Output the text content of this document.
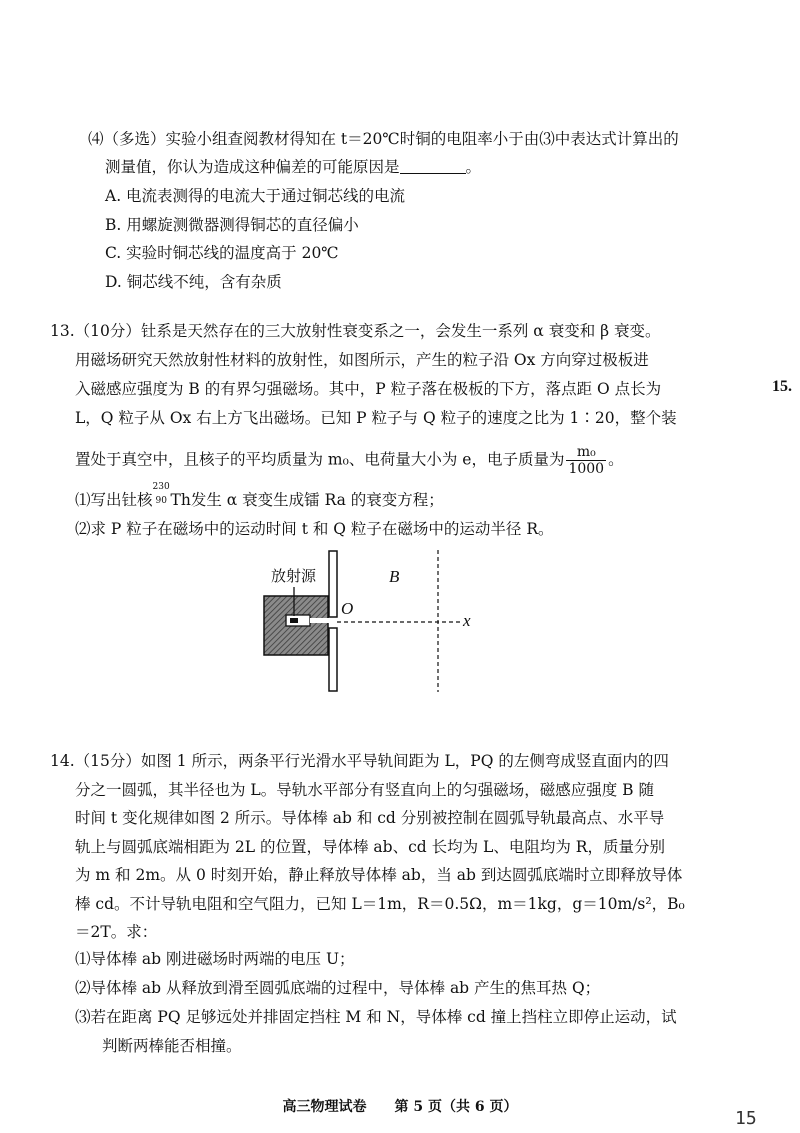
⑷（多选）实验小组查阅教材得知在 t＝20℃时铜的电阻率小于由⑶中表达式计算出的
测量值，你认为造成这种偏差的可能原因是	。
A. 电流表测得的电流大于通过铜芯线的电流
B. 用螺旋测微器测得铜芯的直径偏小
C. 实验时铜芯线的温度高于 20℃
D. 铜芯线不纯，含有杂质
13.（10分）钍系是天然存在的三大放射性衰变系之一，会发生一系列 α 衰变和 β 衰变。
用磁场研究天然放射性材料的放射性，如图所示，产生的粒子沿 Ox 方向穿过极板进
入磁感应强度为 B 的有界匀强磁场。其中，P 粒子落在极板的下方，落点距 O 点长为
L，Q 粒子从 Ox 右上方飞出磁场。已知 P 粒子与 Q 粒子的速度之比为 1∶20，整个装
置处于真空中，且核子的平均质量为 m₀、电荷量大小为 e，电子质量为 $\frac{\text{m₀}}{1000}$ 。
⑴写出钍核
230
90 Th发生 α 衰变生成镭 Ra 的衰变方程；
⑵求 P 粒子在磁场中的运动时间 t 和 Q 粒子在磁场中的运动半径 R。
15.
放射源	B
O
x
14.（15分）如图 1 所示，两条平行光滑水平导轨间距为 L，PQ 的左侧弯成竖直面内的四
分之一圆弧，其半径也为 L。导轨水平部分有竖直向上的匀强磁场，磁感应强度 B 随
时间 t 变化规律如图 2 所示。导体棒 ab 和 cd 分别被控制在圆弧导轨最高点、水平导
轨上与圆弧底端相距为 2L 的位置，导体棒 ab、cd 长均为 L、电阻均为 R，质量分别
为 m 和 2m。从 0 时刻开始，静止释放导体棒 ab，当 ab 到达圆弧底端时立即释放导体
棒 cd。不计导轨电阻和空气阻力，已知 L＝1m，R＝0.5Ω，m＝1kg，g＝10m/s²，B₀
＝2T。求：
⑴导体棒 ab 刚进磁场时两端的电压 U；
⑵导体棒 ab 从释放到滑至圆弧底端的过程中，导体棒 ab 产生的焦耳热 Q；
⑶若在距离 PQ 足够远处并排固定挡柱 M 和 N，导体棒 cd 撞上挡柱立即停止运动，试
判断两棒能否相撞。
高三物理试卷　　第 5 页（共 6 页）
15
